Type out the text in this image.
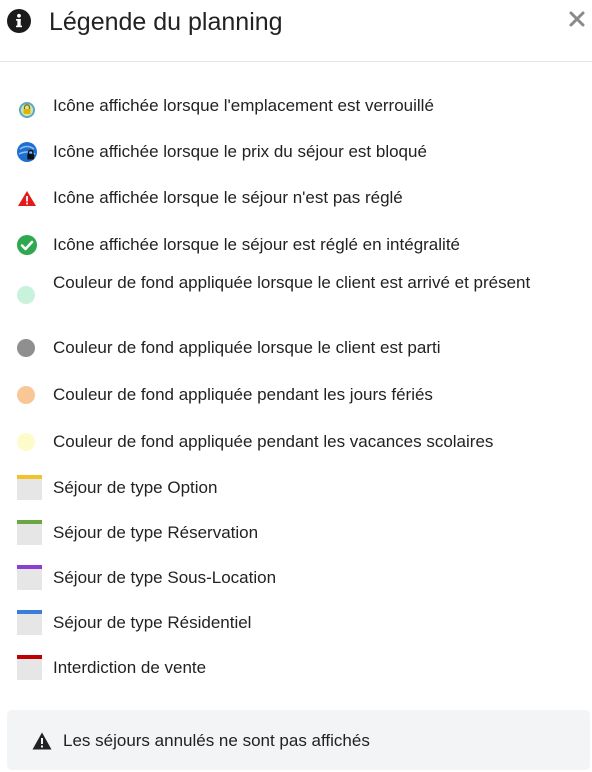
Légende du planning
Icône affichée lorsque l'emplacement est verrouillé
Icône affichée lorsque le prix du séjour est bloqué
Icône affichée lorsque le séjour n'est pas réglé
Icône affichée lorsque le séjour est réglé en intégralité
Couleur de fond appliquée lorsque le client est arrivé et présent
Couleur de fond appliquée lorsque le client est parti
Couleur de fond appliquée pendant les jours fériés
Couleur de fond appliquée pendant les vacances scolaires
Séjour de type Option
Séjour de type Réservation
Séjour de type Sous-Location
Séjour de type Résidentiel
Interdiction de vente
Les séjours annulés ne sont pas affichés
